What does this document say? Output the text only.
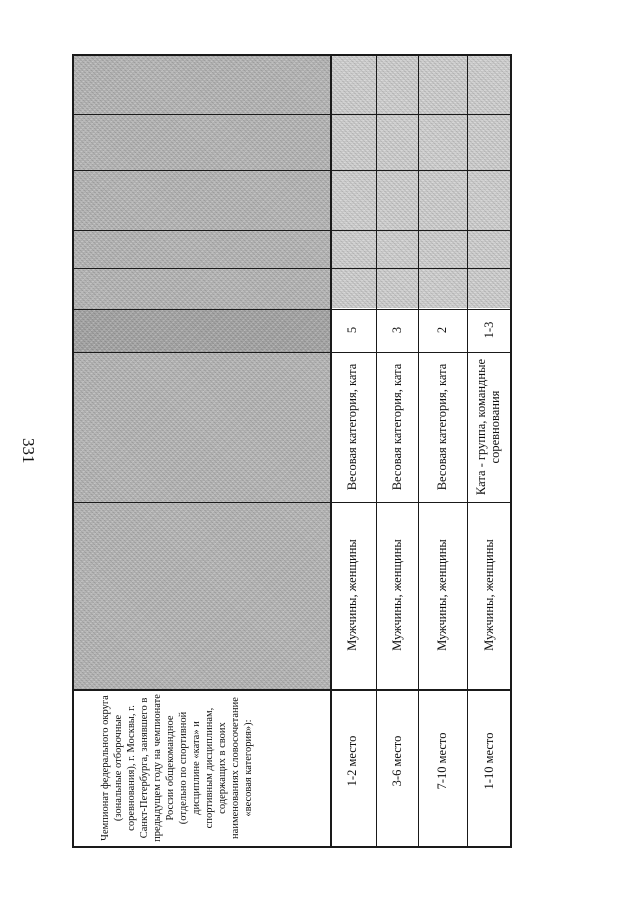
331
Чемпионат федерального округа (зональные отборочные соревнования), г. Москвы, г. Санкт-Петербурга, занявшего в предыдущем году на чемпионате России общекомандное (отдельно по спортивной дисциплине «ката» и спортивным дисциплинам, содержащих в своих наименованиях словосочетание «весовая категория»):	1-2 место
Мужчины, женщины
Весовая категория, ката
5
3-6 место
Мужчины, женщины
Весовая категория, ката
3
7-10 место
Мужчины, женщины
Весовая категория, ката
2
1-10 место
Мужчины, женщины
Ката - группа, командные соревнования
1-3
